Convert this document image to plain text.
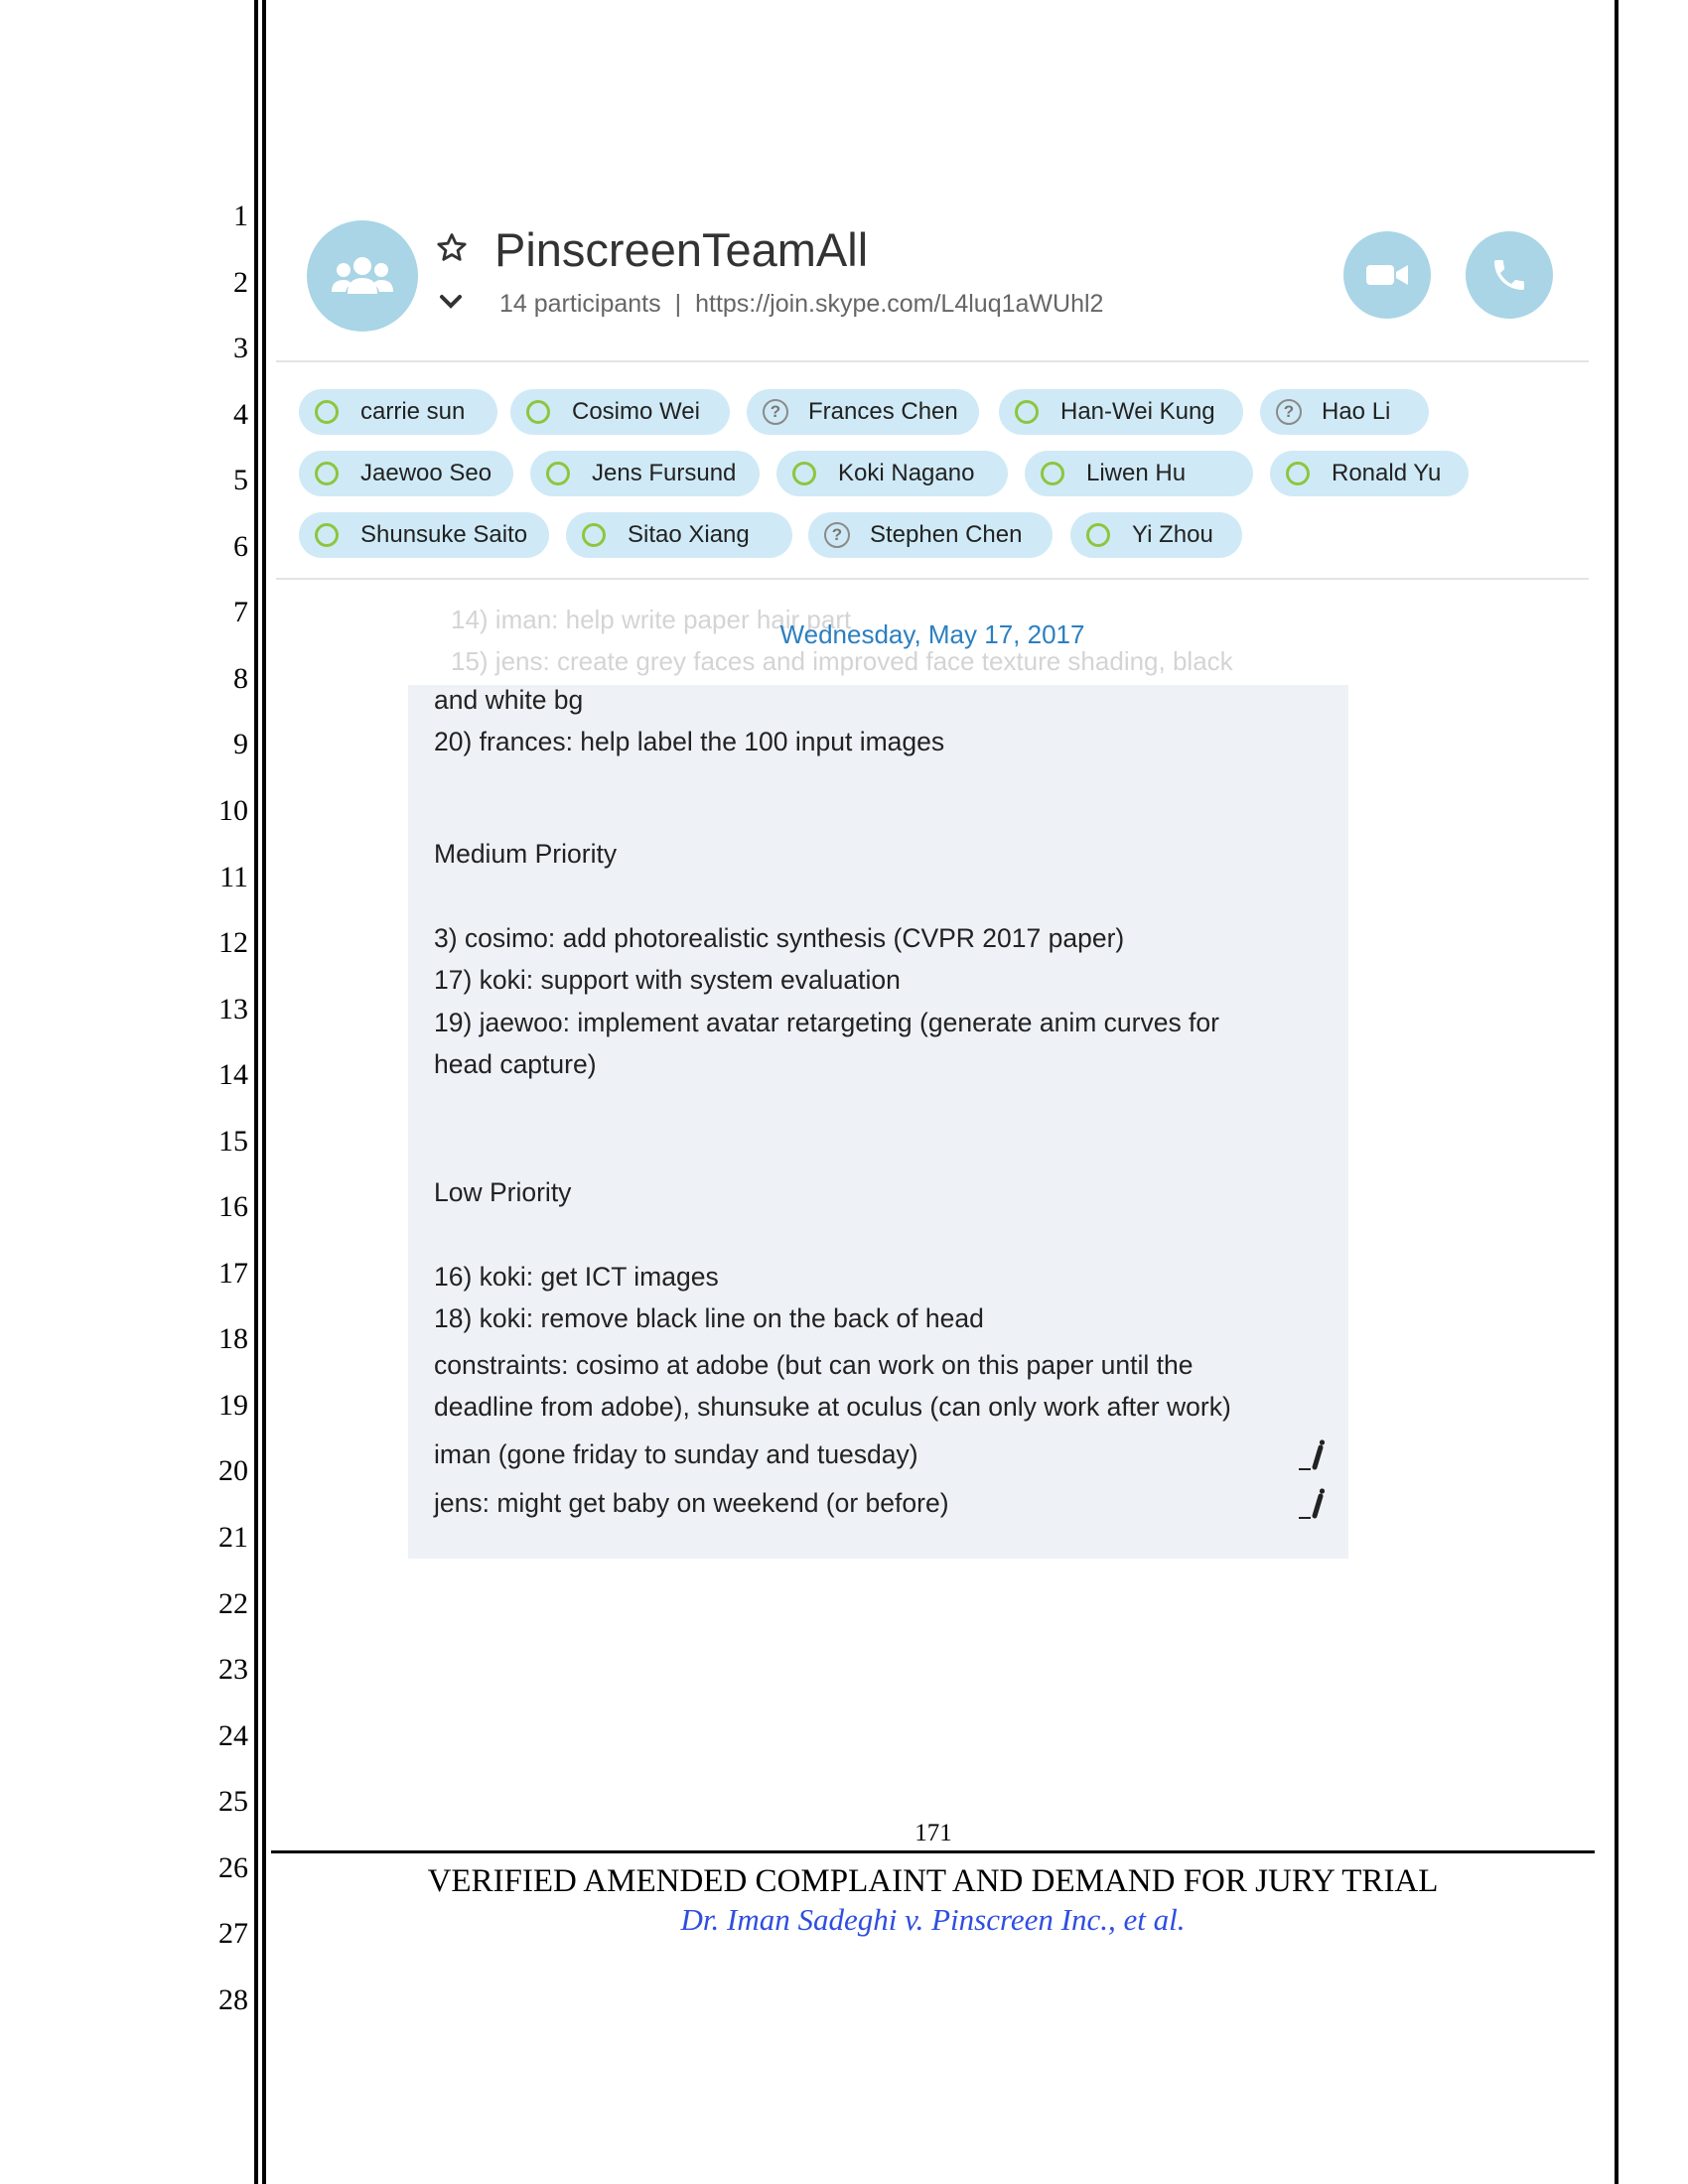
1
2
3
4
5
6
7
8
9
10
11
12
13
14
15
16
17
18
19
20
21
22
23
24
25
26
27
28
PinscreenTeamAll
14 participants | https://join.skype.com/L4luq1aWUhl2
carrie sun	Cosimo Wei	?	Frances Chen	Han-Wei Kung	?	Hao Li
Jaewoo Seo	Jens Fursund	Koki Nagano	Liwen Hu	Ronald Yu
Shunsuke Saito	Sitao Xiang	?	Stephen Chen	Yi Zhou
14) iman: help write paper hair part
15) jens: create grey faces and improved face texture shading, black
Wednesday, May 17, 2017
and white bg
20) frances: help label the 100 input images
Medium Priority
3) cosimo: add photorealistic synthesis (CVPR 2017 paper)
17) koki: support with system evaluation
19) jaewoo: implement avatar retargeting (generate anim curves for
head capture)
Low Priority
16) koki: get ICT images
18) koki: remove black line on the back of head
constraints: cosimo at adobe (but can work on this paper until the
deadline from adobe), shunsuke at oculus (can only work after work)
iman (gone friday to sunday and tuesday)
jens: might get baby on weekend (or before)
171
VERIFIED AMENDED COMPLAINT AND DEMAND FOR JURY TRIAL
Dr. Iman Sadeghi v. Pinscreen Inc., et al.
